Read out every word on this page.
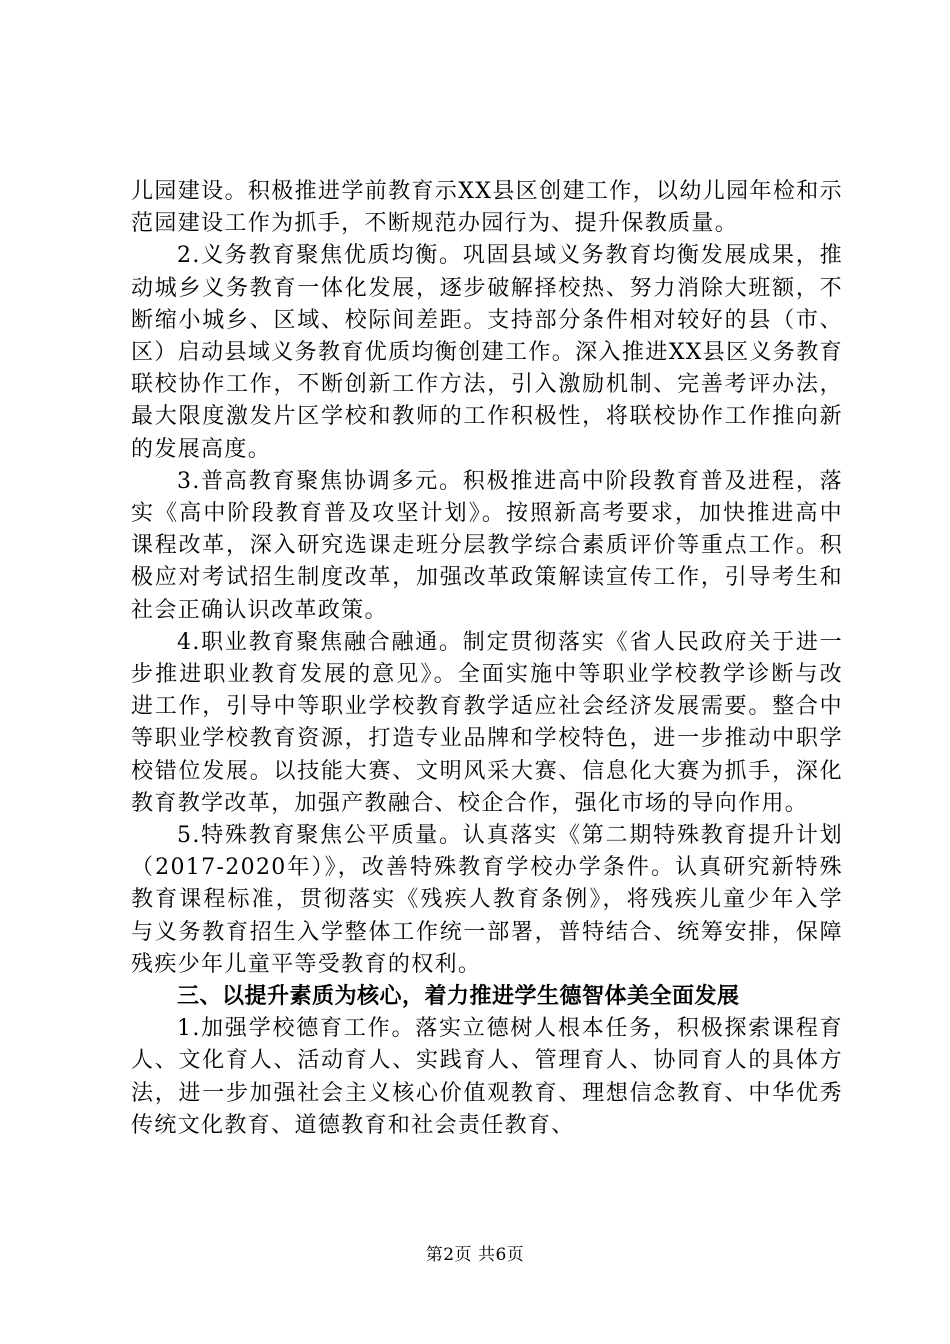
儿园建设。积极推进学前教育示XX县区创建工作，以幼儿园年检和示范园建设工作为抓手，不断规范办园行为、提升保教质量。

2.义务教育聚焦优质均衡。巩固县域义务教育均衡发展成果，推动城乡义务教育一体化发展，逐步破解择校热、努力消除大班额，不断缩小城乡、区域、校际间差距。支持部分条件相对较好的县（市、区）启动县域义务教育优质均衡创建工作。深入推进XX县区义务教育联校协作工作，不断创新工作方法，引入激励机制、完善考评办法，最大限度激发片区学校和教师的工作积极性，将联校协作工作推向新的发展高度。

3.普高教育聚焦协调多元。积极推进高中阶段教育普及进程，落实《高中阶段教育普及攻坚计划》。按照新高考要求，加快推进高中课程改革，深入研究选课走班分层教学综合素质评价等重点工作。积极应对考试招生制度改革，加强改革政策解读宣传工作，引导考生和社会正确认识改革政策。

4.职业教育聚焦融合融通。制定贯彻落实《省人民政府关于进一步推进职业教育发展的意见》。全面实施中等职业学校教学诊断与改进工作，引导中等职业学校教育教学适应社会经济发展需要。整合中等职业学校教育资源，打造专业品牌和学校特色，进一步推动中职学校错位发展。以技能大赛、文明风采大赛、信息化大赛为抓手，深化教育教学改革，加强产教融合、校企合作，强化市场的导向作用。

5.特殊教育聚焦公平质量。认真落实《第二期特殊教育提升计划（2017-2020年）》，改善特殊教育学校办学条件。认真研究新特殊教育课程标准，贯彻落实《残疾人教育条例》，将残疾儿童少年入学与义务教育招生入学整体工作统一部署，普特结合、统筹安排，保障残疾少年儿童平等受教育的权利。

三、以提升素质为核心，着力推进学生德智体美全面发展

1.加强学校德育工作。落实立德树人根本任务，积极探索课程育人、文化育人、活动育人、实践育人、管理育人、协同育人的具体方法，进一步加强社会主义核心价值观教育、理想信念教育、中华优秀传统文化教育、道德教育和社会责任教育、

第2页 共6页
